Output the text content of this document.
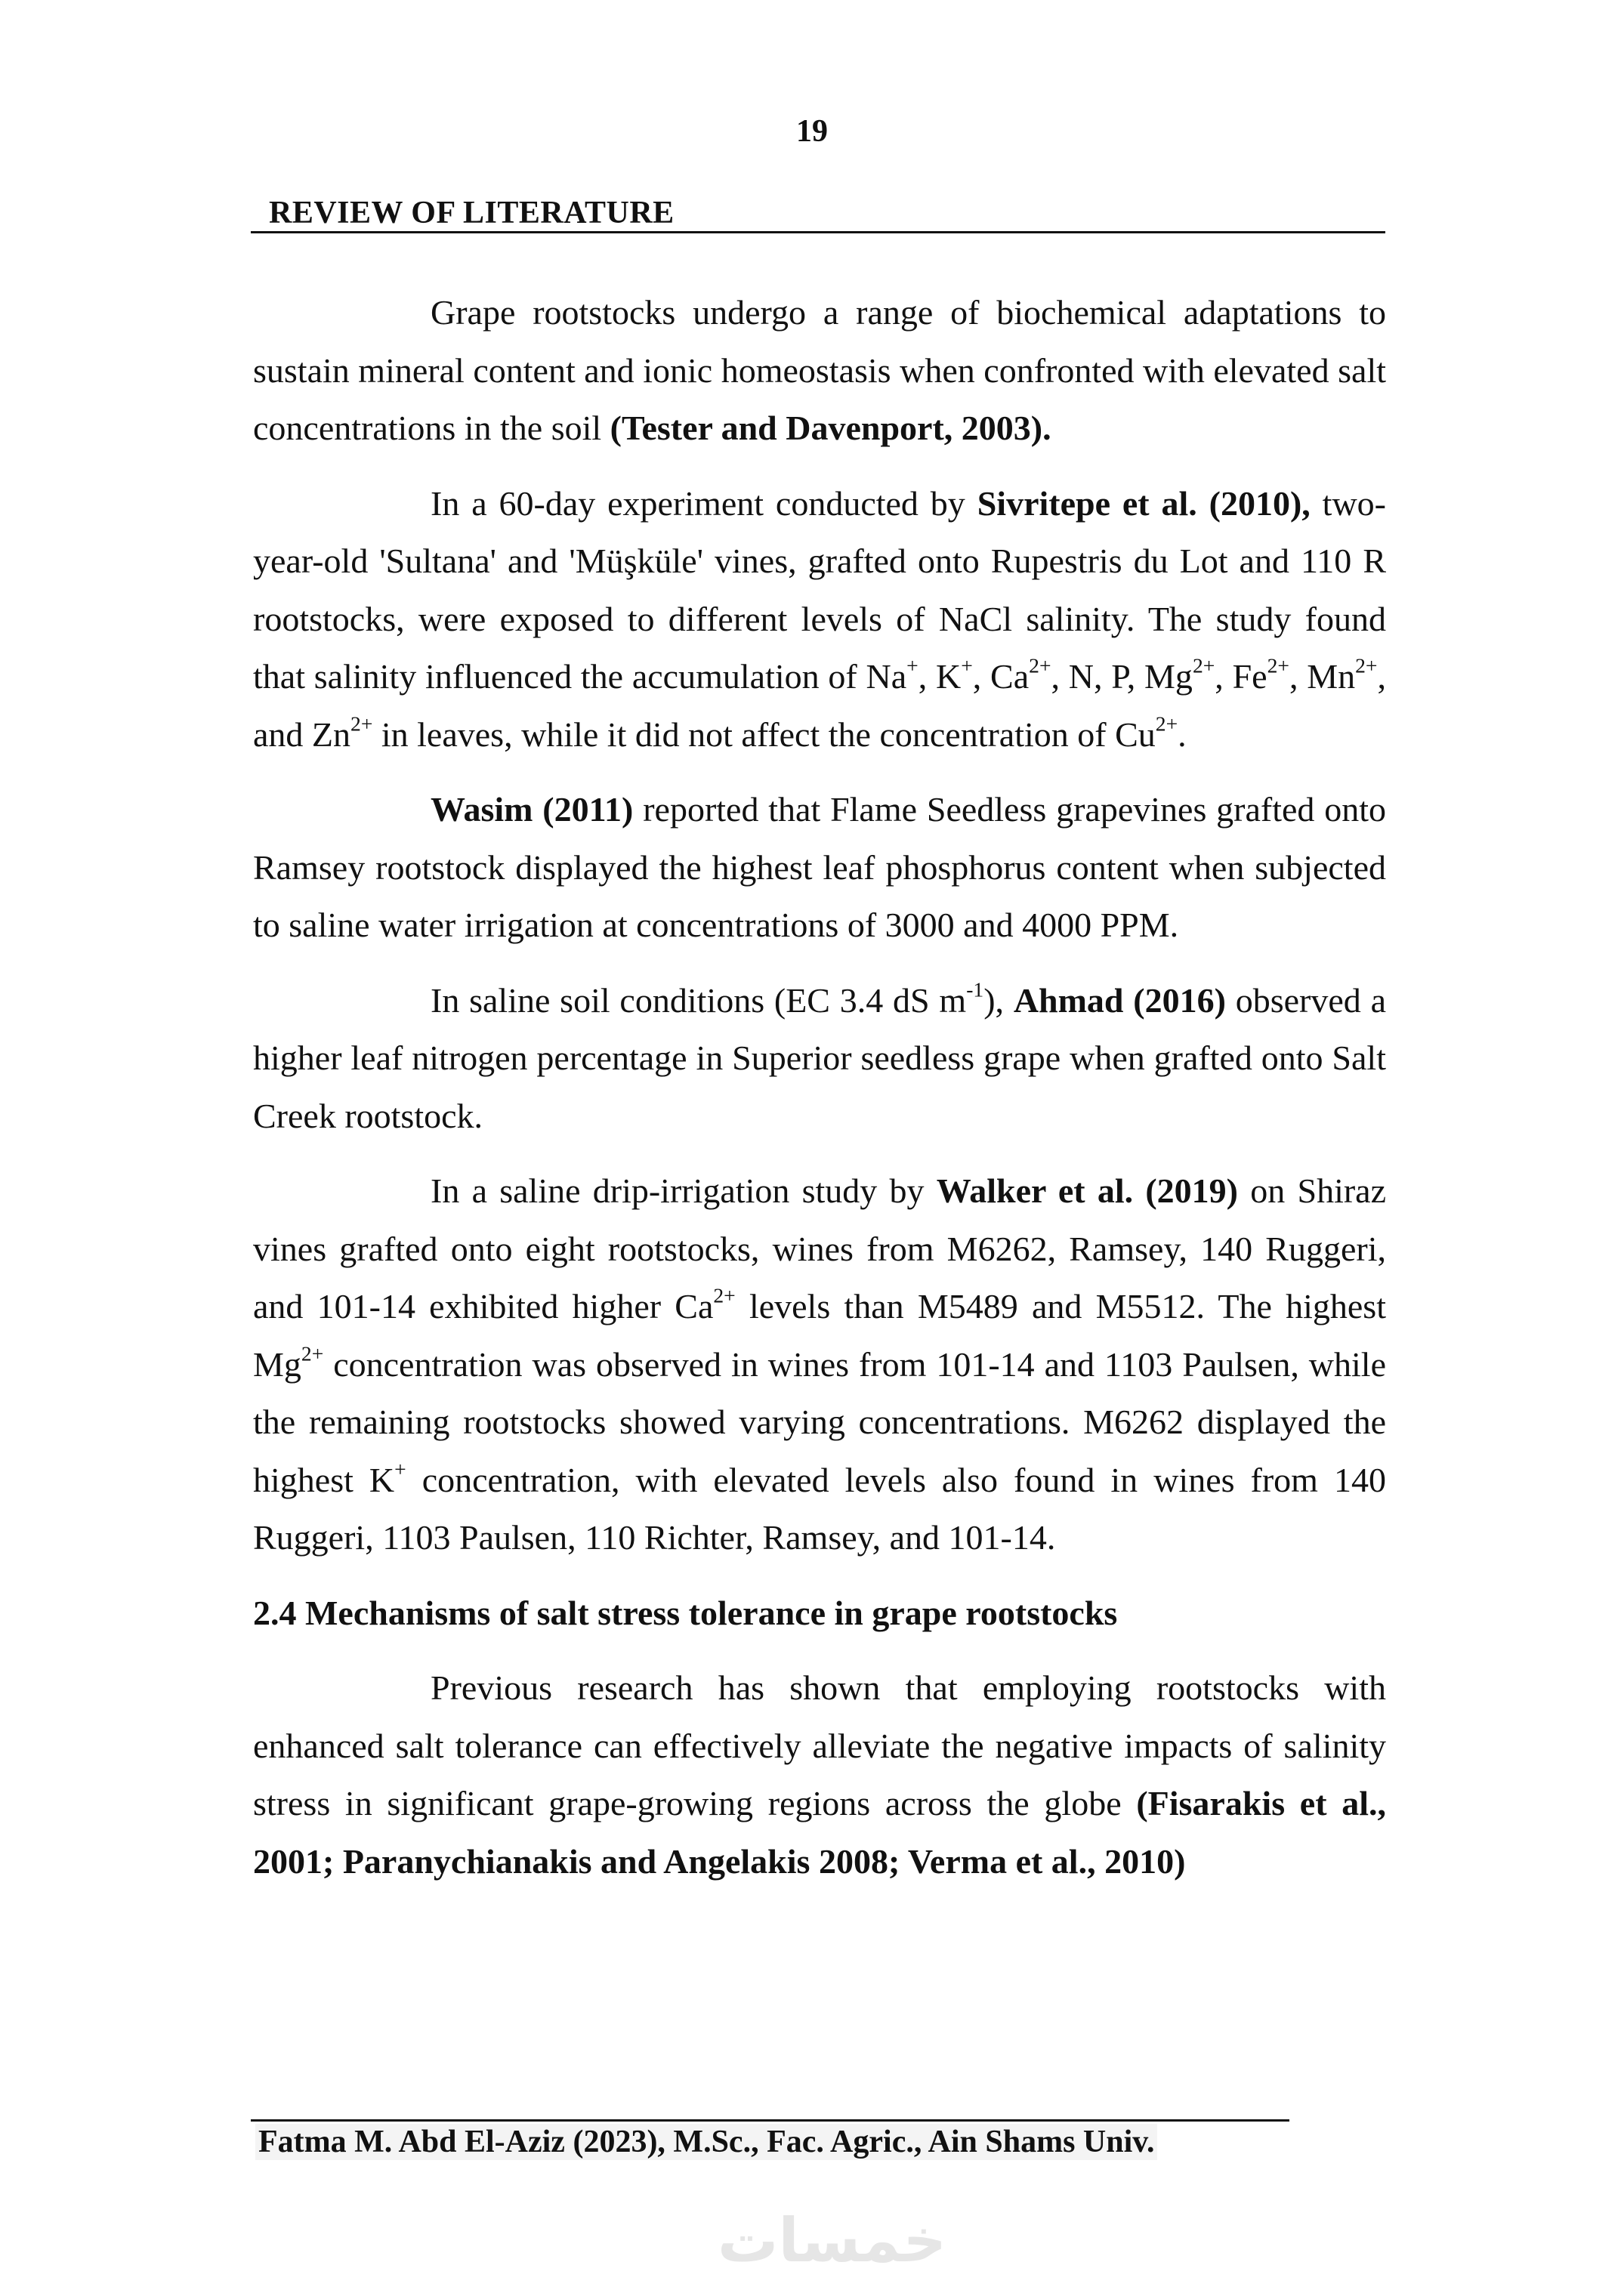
19
REVIEW OF LITERATURE

Grape rootstocks undergo a range of biochemical adaptations to sustain mineral content and ionic homeostasis when confronted with elevated salt concentrations in the soil (Tester and Davenport, 2003).

In a 60-day experiment conducted by Sivritepe et al. (2010), two-year-old 'Sultana' and 'Müşküle' vines, grafted onto Rupestris du Lot and 110 R rootstocks, were exposed to different levels of NaCl salinity. The study found that salinity influenced the accumulation of Na+, K+, $Ca^{2+}$, N, P, $Mg^{2+}$, $Fe^{2+}$, $Mn^{2+}$, and $Zn^{2+}$ in leaves, while it did not affect the concentration of $Cu^{2+}$.

Wasim (2011) reported that Flame Seedless grapevines grafted onto Ramsey rootstock displayed the highest leaf phosphorus content when subjected to saline water irrigation at concentrations of 3000 and 4000 PPM.

In saline soil conditions (EC 3.4 dS $m^{-1}$), Ahmad (2016) observed a higher leaf nitrogen percentage in Superior seedless grape when grafted onto Salt Creek rootstock.

In a saline drip-irrigation study by Walker et al. (2019) on Shiraz vines grafted onto eight rootstocks, wines from M6262, Ramsey, 140 Ruggeri, and 101-14 exhibited higher $Ca^{2+}$ levels than M5489 and M5512. The highest $Mg^{2+}$ concentration was observed in wines from 101-14 and 1103 Paulsen, while the remaining rootstocks showed varying concentrations. M6262 displayed the highest K+ concentration, with elevated levels also found in wines from 140 Ruggeri, 1103 Paulsen, 110 Richter, Ramsey, and 101-14.

2.4 Mechanisms of salt stress tolerance in grape rootstocks

Previous research has shown that employing rootstocks with enhanced salt tolerance can effectively alleviate the negative impacts of salinity stress in significant grape-growing regions across the globe (Fisarakis et al., 2001; Paranychianakis and Angelakis 2008; Verma et al., 2010)

Fatma M. Abd El-Aziz (2023), M.Sc., Fac. Agric., Ain Shams Univ.
خمسات
